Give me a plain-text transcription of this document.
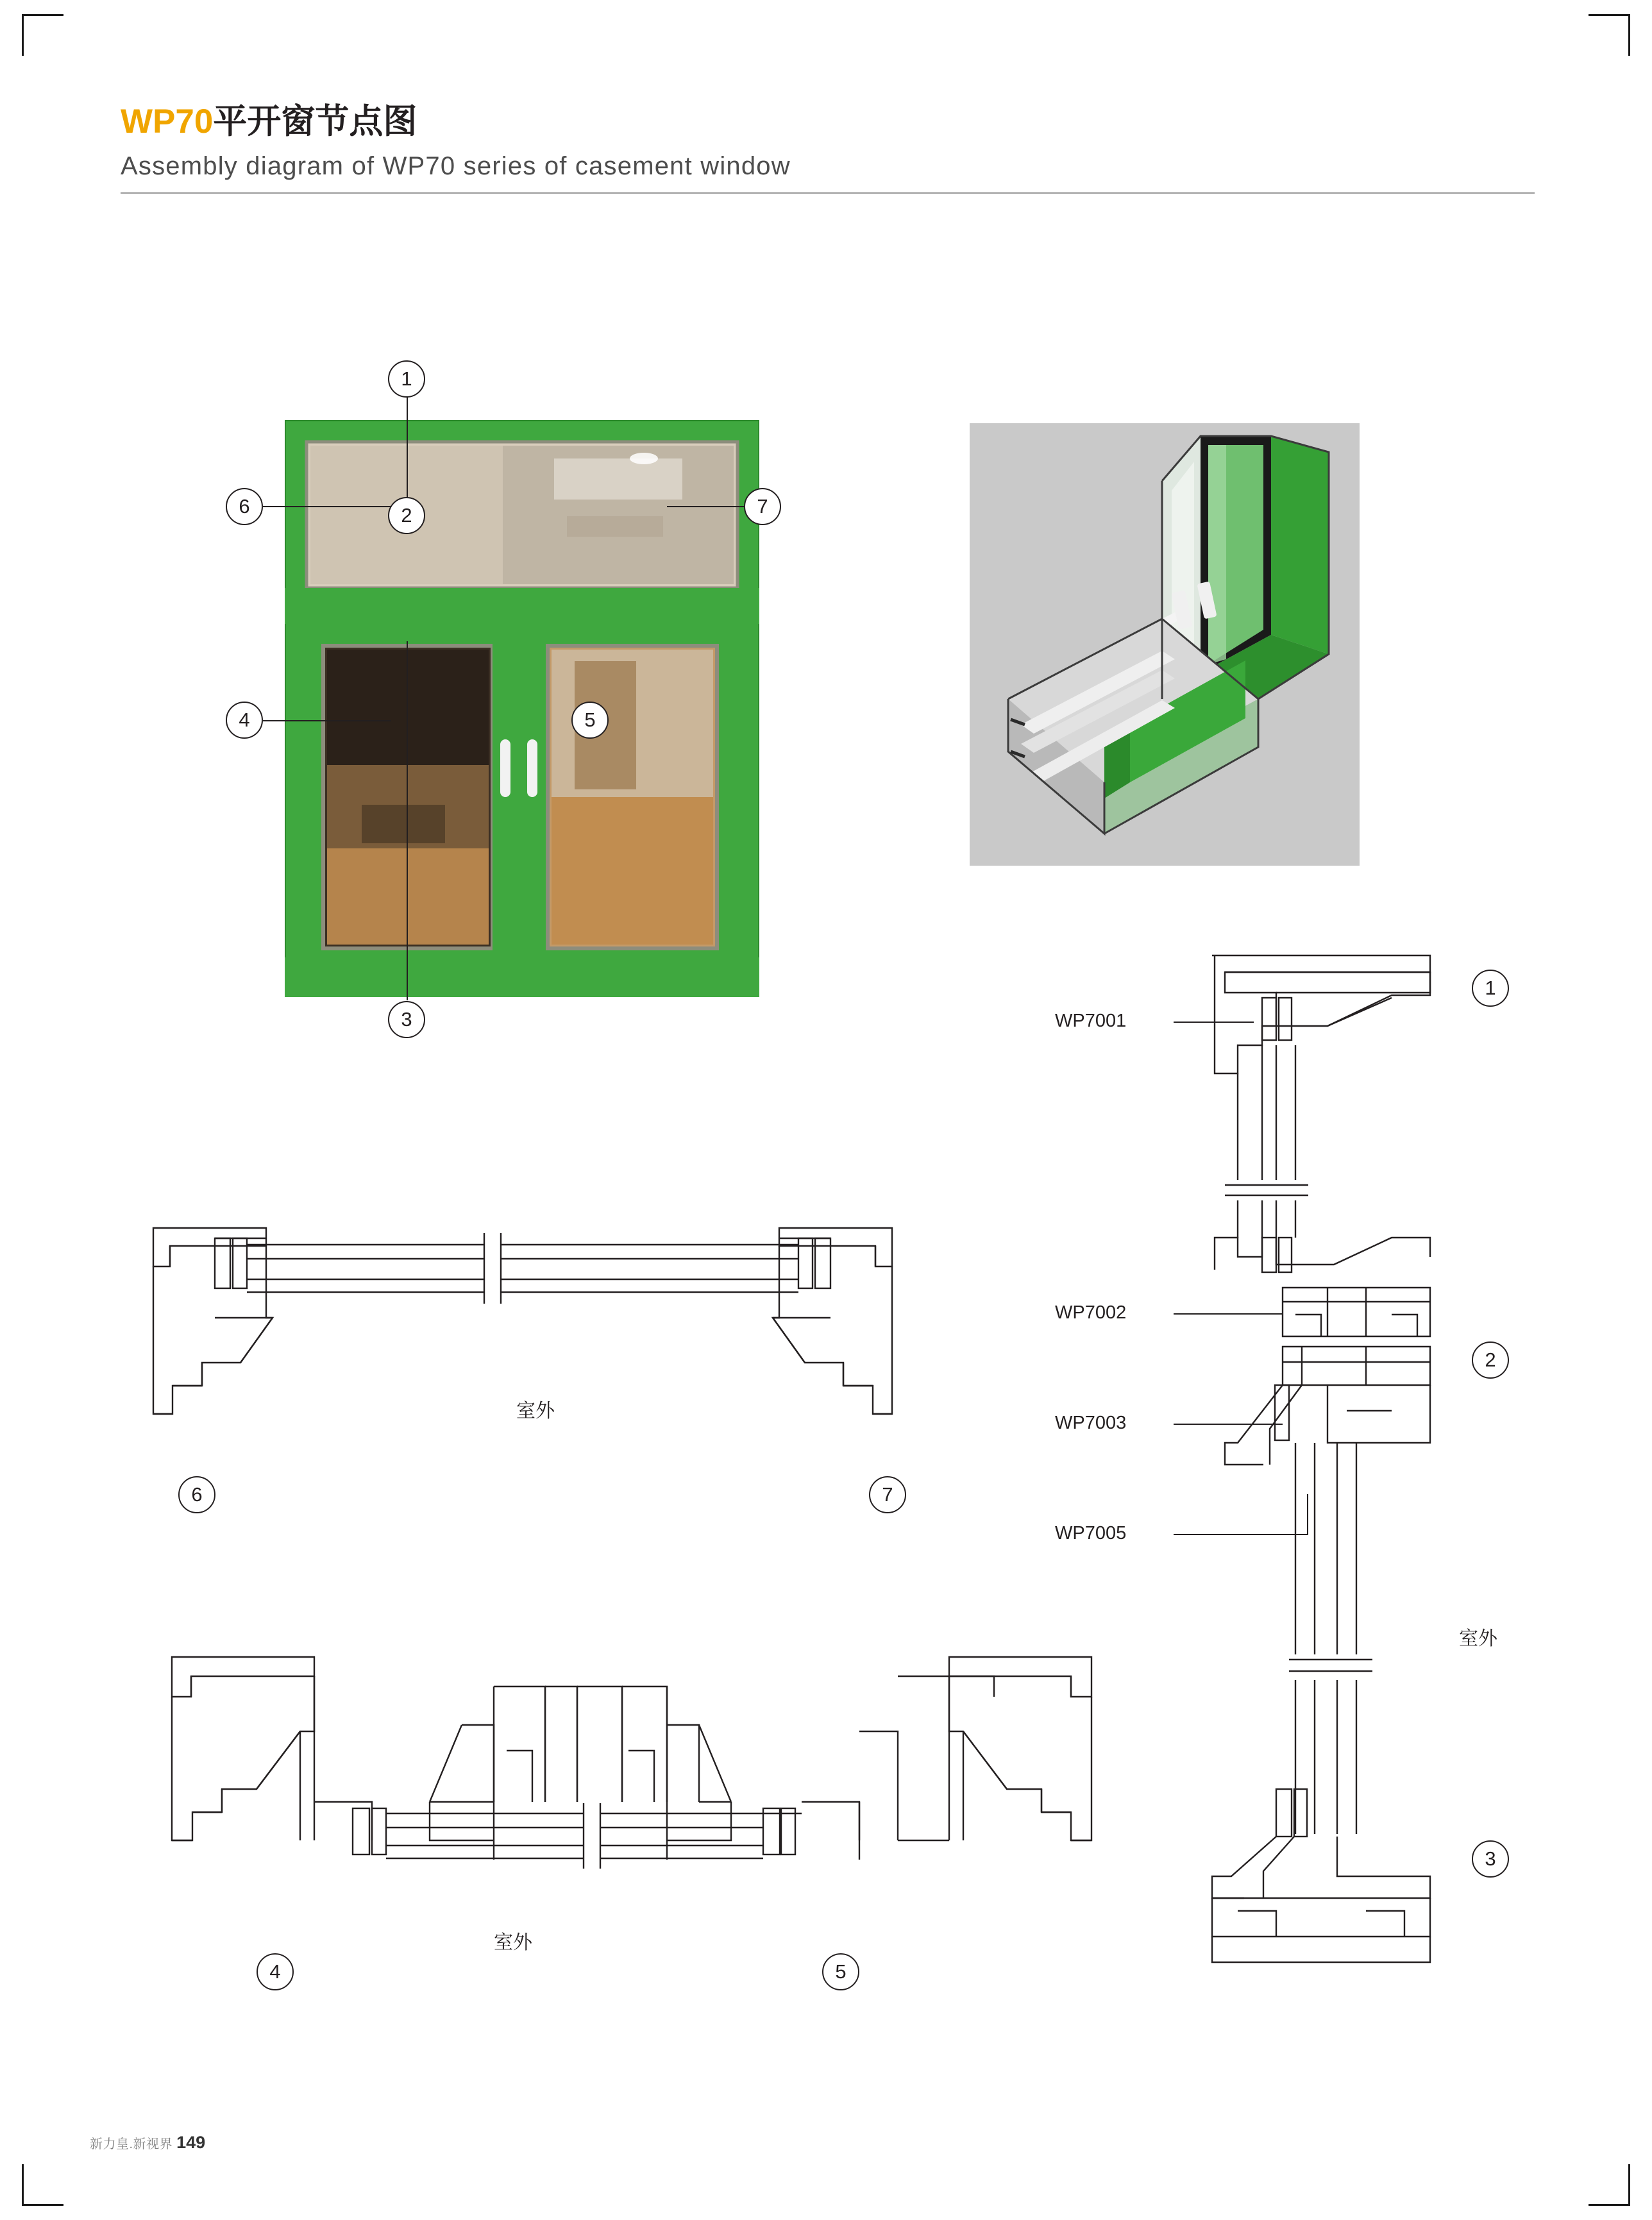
WP70平开窗节点图
Assembly diagram of WP70 series of casement window
1
6	7
2
4	5
3
1
2
3
WP7001
WP7002
WP7003
WP7005
室外
室外
6	7
室外
4	5
新力皇.新视界 149
